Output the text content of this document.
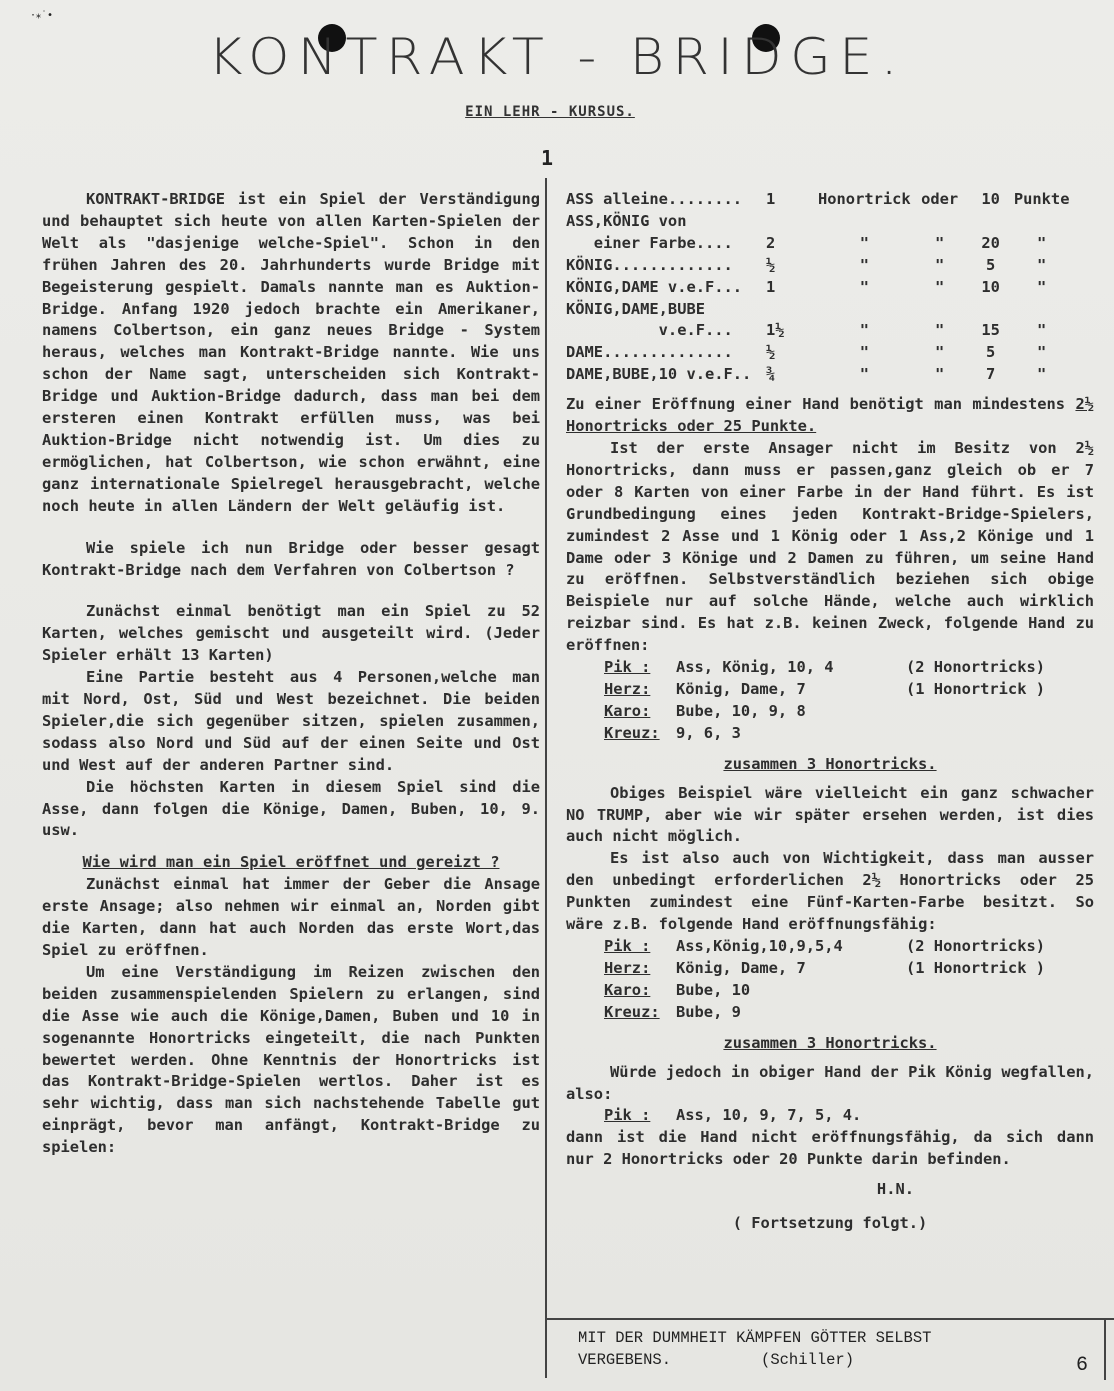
·⁎˙•
KONTRAKT - BRIDGE.
EIN LEHR - KURSUS.
1
KONTRAKT-BRIDGE ist ein Spiel der Verständigung und behauptet sich heute von allen Karten-Spielen der Welt als "dasjenige welche-Spiel". Schon in den frühen Jahren des 20. Jahrhunderts wurde Bridge mit Begeisterung gespielt. Damals nannte man es Auktion-Bridge. Anfang 1920 jedoch brachte ein Amerikaner, namens Colbertson, ein ganz neues Bridge - System heraus, welches man Kontrakt-Bridge nannte. Wie uns schon der Name sagt, unterscheiden sich Kontrakt-Bridge und Auktion-Bridge dadurch, dass man bei dem ersteren einen Kontrakt erfüllen muss, was bei Auktion-Bridge nicht notwendig ist. Um dies zu ermöglichen, hat Colbertson, wie schon erwähnt, eine ganz internationale Spielregel herausgebracht, welche noch heute in allen Ländern der Welt geläufig ist.
Wie spiele ich nun Bridge oder besser gesagt Kontrakt-Bridge nach dem Verfahren von Colbertson ?
Zunächst einmal benötigt man ein Spiel zu 52 Karten, welches gemischt und ausgeteilt wird. (Jeder Spieler erhält 13 Karten)
Eine Partie besteht aus 4 Personen,welche man mit Nord, Ost, Süd und West bezeichnet. Die beiden Spieler,die sich gegenüber sitzen, spielen zusammen, sodass also Nord und Süd auf der einen Seite und Ost und West auf der anderen Partner sind.
Die höchsten Karten in diesem Spiel sind die Asse, dann folgen die Könige, Damen, Buben, 10, 9. usw.
Wie wird man ein Spiel eröffnet und gereizt ?
Zunächst einmal hat immer der Geber die Ansage erste Ansage; also nehmen wir einmal an, Norden gibt die Karten, dann hat auch Norden das erste Wort,das Spiel zu eröffnen.
Um eine Verständigung im Reizen zwischen den beiden zusammenspielenden Spielern zu erlangen, sind die Asse wie auch die Könige,Damen, Buben und 10 in sogenannte Honortricks eingeteilt, die nach Punkten bewertet werden. Ohne Kenntnis der Honortricks ist das Kontrakt-Bridge-Spielen wertlos. Daher ist es sehr wichtig, dass man sich nachstehende Tabelle gut einprägt, bevor man anfängt, Kontrakt-Bridge zu spielen:
ASS alleine........	1	Honortrick	oder	10	Punkte
ASS,KÖNIG von					
einer Farbe....	2	"	"	20	"
KÖNIG.............	½	"	"	5	"
KÖNIG,DAME v.e.F...	1	"	"	10	"
KÖNIG,DAME,BUBE					
v.e.F...	1½	"	"	15	"
DAME..............	½	"	"	5	"
DAME,BUBE,10 v.e.F..	¾	"	"	7	"
Zu einer Eröffnung einer Hand benötigt man mindestens 2½ Honortricks oder 25 Punkte.
Ist der erste Ansager nicht im Besitz von 2½ Honortricks, dann muss er passen,ganz gleich ob er 7 oder 8 Karten von einer Farbe in der Hand führt. Es ist Grundbedingung eines jeden Kontrakt-Bridge-Spielers, zumindest 2 Asse und 1 König oder 1 Ass,2 Könige und 1 Dame oder 3 Könige und 2 Damen zu führen, um seine Hand zu eröffnen. Selbstverständlich beziehen sich obige Beispiele nur auf solche Hände, welche auch wirklich reizbar sind. Es hat z.B. keinen Zweck, folgende Hand zu eröffnen:
Pik :	Ass, König, 10, 4	(2 Honortricks)
Herz:	König, Dame, 7	(1 Honortrick )
Karo:	Bube, 10, 9, 8	
Kreuz:	9, 6, 3	
zusammen 3 Honortricks.
Obiges Beispiel wäre vielleicht ein ganz schwacher NO TRUMP, aber wie wir später ersehen werden, ist dies auch nicht möglich.
Es ist also auch von Wichtigkeit, dass man ausser den unbedingt erforderlichen 2½ Honortricks oder 25 Punkten zumindest eine Fünf-Karten-Farbe besitzt. So wäre z.B. folgende Hand eröffnungsfähig:
Pik :	Ass,König,10,9,5,4	(2 Honortricks)
Herz:	König, Dame, 7	(1 Honortrick )
Karo:	Bube, 10	
Kreuz:	Bube, 9	
zusammen 3 Honortricks.
Würde jedoch in obiger Hand der Pik König wegfallen, also:
Pik : Ass, 10, 9, 7, 5, 4.
dann ist die Hand nicht eröffnungsfähig, da sich dann nur 2 Honortricks oder 20 Punkte darin befinden.
H.N.
( Fortsetzung folgt.)
MIT DER DUMMHEIT KÄMPFEN GÖTTER SELBST
VERGEBENS.	(Schiller)	6
